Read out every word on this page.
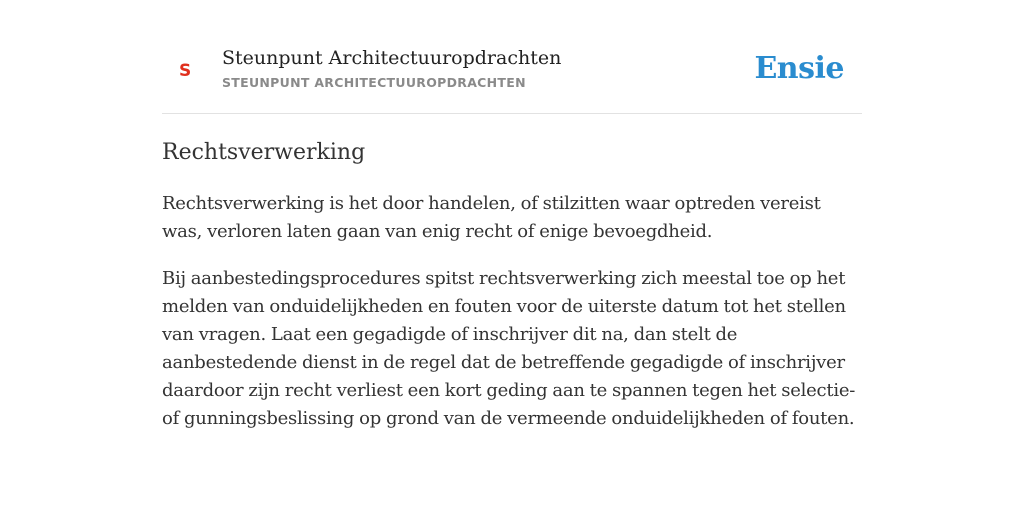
S
Steunpunt Architectuuropdrachten
STEUNPUNT ARCHITECTUUROPDRACHTEN	Ensie
Rechtsverwerking

Rechtsverwerking is het door handelen, of stilzitten waar optreden vereist was, verloren laten gaan van enig recht of enige bevoegdheid.

Bij aanbestedingsprocedures spitst rechtsverwerking zich meestal toe op het melden van onduidelijkheden en fouten voor de uiterste datum tot het stellen van vragen. Laat een gegadigde of inschrijver dit na, dan stelt de aanbestedende dienst in de regel dat de betreffende gegadigde of inschrijver daardoor zijn recht verliest een kort geding aan te spannen tegen het selectie- of gunningsbeslissing op grond van de vermeende onduidelijkheden of fouten.
